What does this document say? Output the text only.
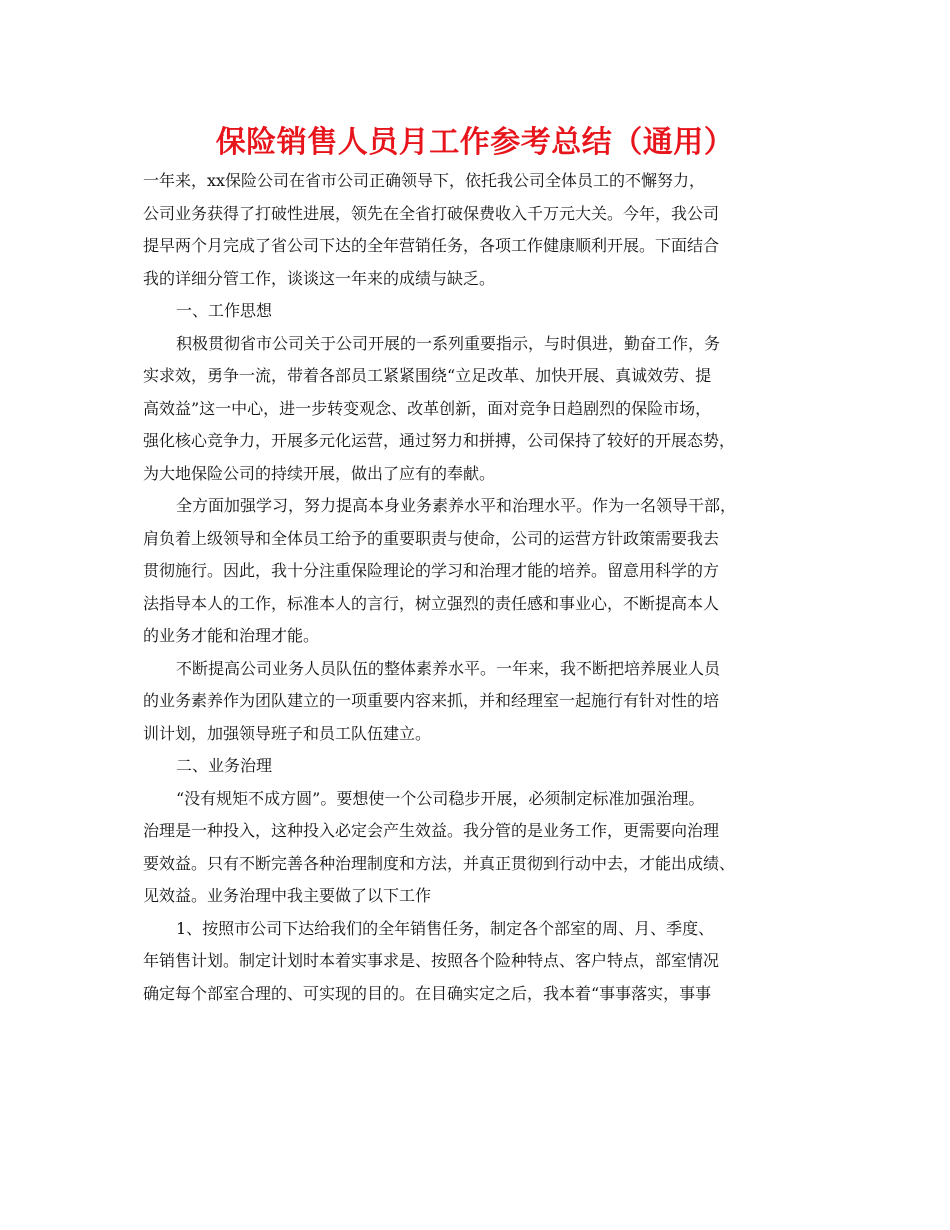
保险销售人员月工作参考总结（通用）

一年来，xx保险公司在省市公司正确领导下，依托我公司全体员工的不懈努力，
公司业务获得了打破性进展，领先在全省打破保费收入千万元大关。今年，我公司
提早两个月完成了省公司下达的全年营销任务，各项工作健康顺利开展。下面结合
我的详细分管工作，谈谈这一年来的成绩与缺乏。

一、工作思想

积极贯彻省市公司关于公司开展的一系列重要指示，与时俱进，勤奋工作，务
实求效，勇争一流，带着各部员工紧紧围绕“立足改革、加快开展、真诚效劳、提
高效益”这一中心，进一步转变观念、改革创新，面对竞争日趋剧烈的保险市场，
强化核心竞争力，开展多元化运营，通过努力和拼搏，公司保持了较好的开展态势，
为大地保险公司的持续开展，做出了应有的奉献。

全方面加强学习，努力提高本身业务素养水平和治理水平。作为一名领导干部，
肩负着上级领导和全体员工给予的重要职责与使命，公司的运营方针政策需要我去
贯彻施行。因此，我十分注重保险理论的学习和治理才能的培养。留意用科学的方
法指导本人的工作，标准本人的言行，树立强烈的责任感和事业心，不断提高本人
的业务才能和治理才能。

不断提高公司业务人员队伍的整体素养水平。一年来，我不断把培养展业人员
的业务素养作为团队建立的一项重要内容来抓，并和经理室一起施行有针对性的培
训计划，加强领导班子和员工队伍建立。

二、业务治理

“没有规矩不成方圆”。要想使一个公司稳步开展，必须制定标准加强治理。
治理是一种投入，这种投入必定会产生效益。我分管的是业务工作，更需要向治理
要效益。只有不断完善各种治理制度和方法，并真正贯彻到行动中去，才能出成绩、
见效益。业务治理中我主要做了以下工作

1、按照市公司下达给我们的全年销售任务，制定各个部室的周、月、季度、
年销售计划。制定计划时本着实事求是、按照各个险种特点、客户特点，部室情况
确定每个部室合理的、可实现的目的。在目确实定之后，我本着“事事落实，事事
